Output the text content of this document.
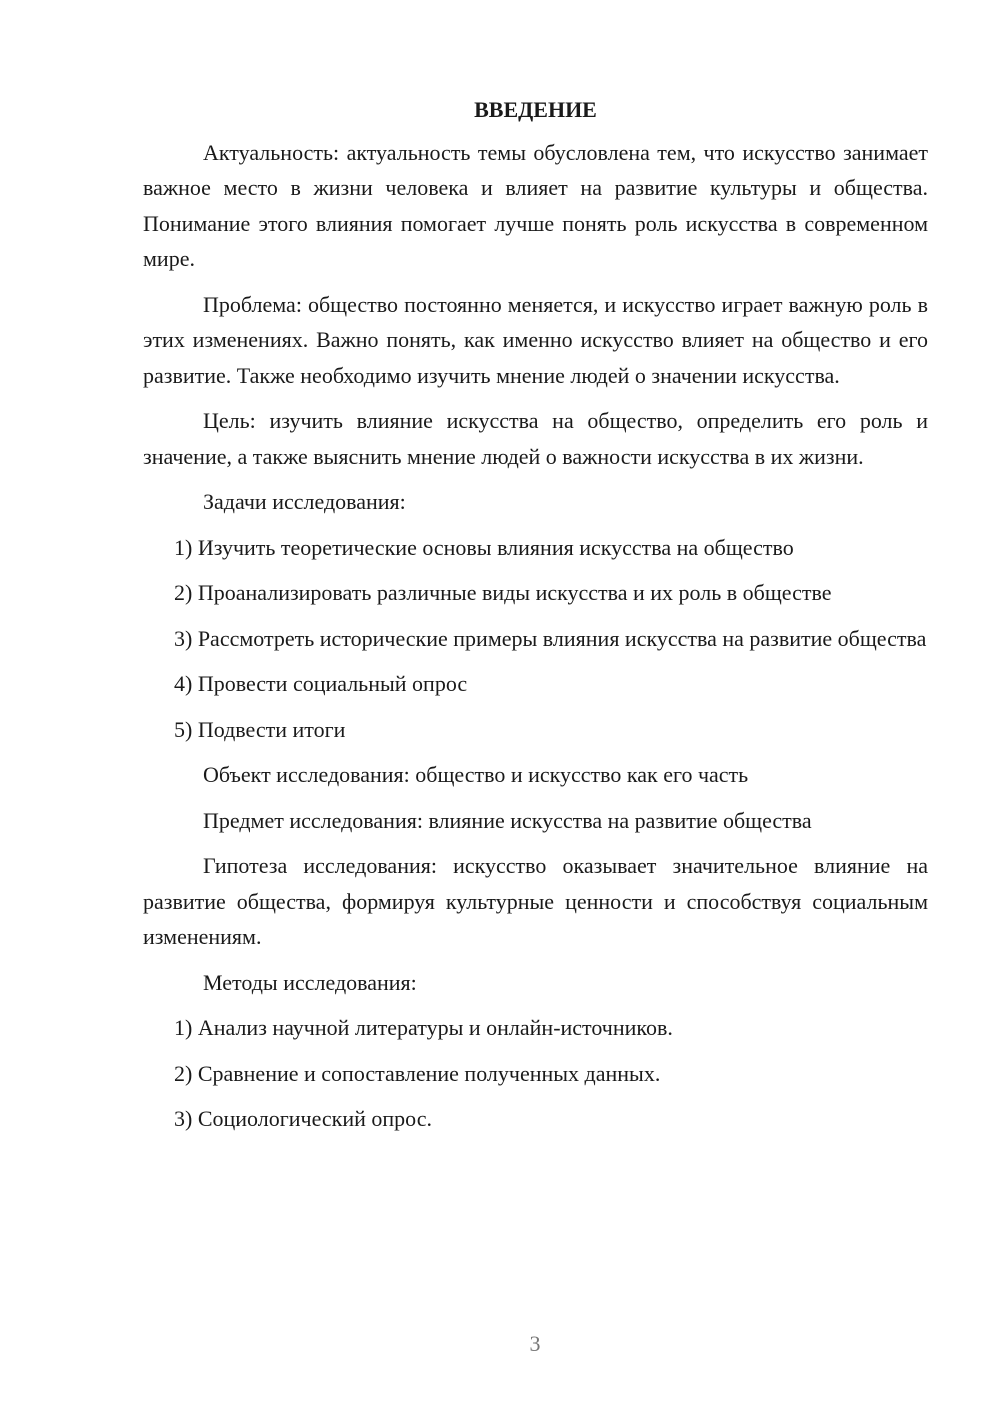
ВВЕДЕНИЕ

Актуальность: актуальность темы обусловлена тем, что искусство занимает важное место в жизни человека и влияет на развитие культуры и общества. Понимание этого влияния помогает лучше понять роль искусства в современном мире.

Проблема: общество постоянно меняется, и искусство играет важную роль в этих изменениях. Важно понять, как именно искусство влияет на общество и его развитие. Также необходимо изучить мнение людей о значении искусства.

Цель: изучить влияние искусства на общество, определить его роль и значение, а также выяснить мнение людей о важности искусства в их жизни.

Задачи исследования:

1) Изучить теоретические основы влияния искусства на общество

2) Проанализировать различные виды искусства и их роль в обществе

3) Рассмотреть исторические примеры влияния искусства на развитие общества

4) Провести социальный опрос

5) Подвести итоги

Объект исследования: общество и искусство как его часть

Предмет исследования: влияние искусства на развитие общества

Гипотеза исследования: искусство оказывает значительное влияние на развитие общества, формируя культурные ценности и способствуя социальным изменениям.

Методы исследования:

1) Анализ научной литературы и онлайн-источников.

2) Сравнение и сопоставление полученных данных.

3) Социологический опрос.

3
